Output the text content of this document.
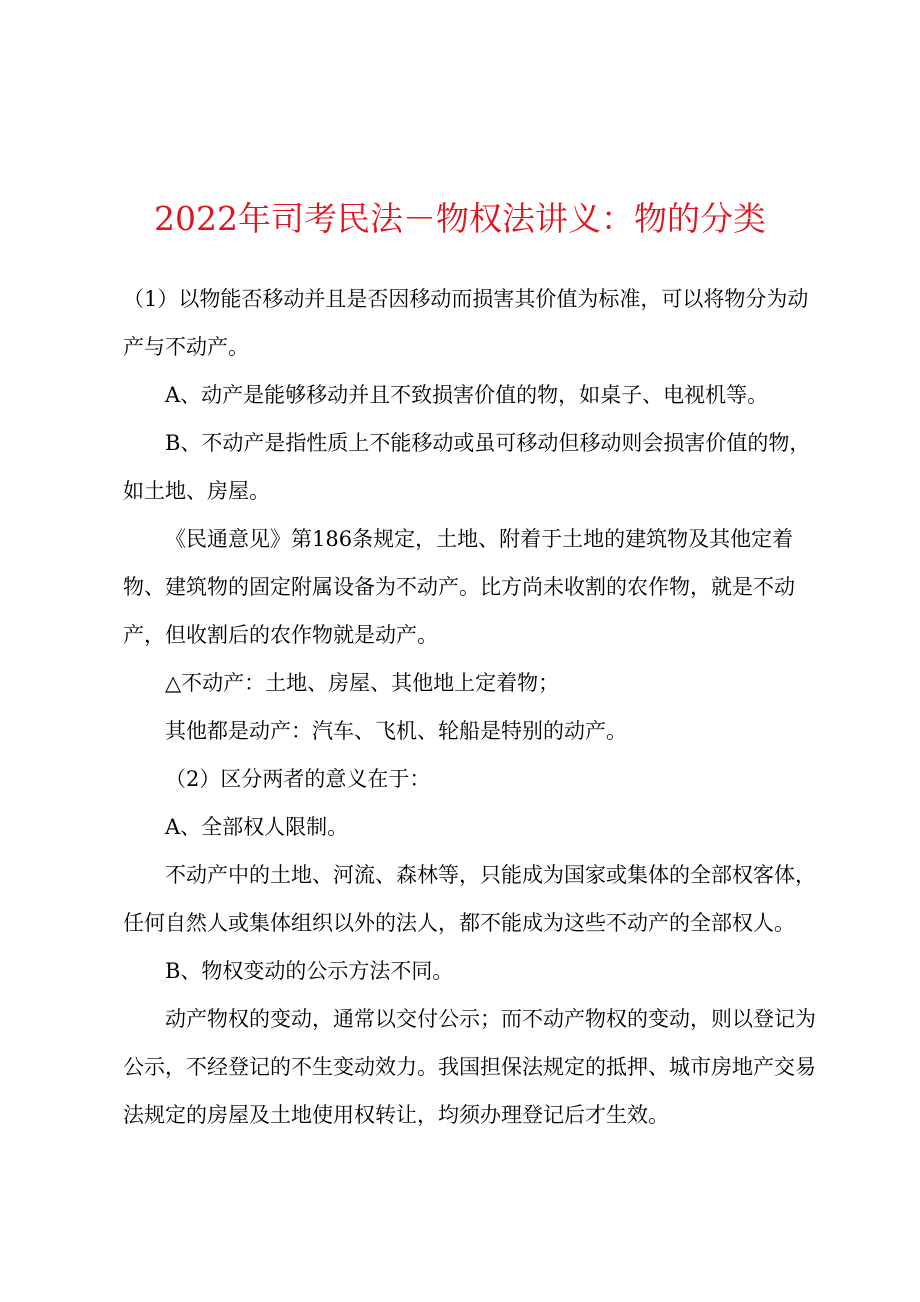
2022年司考民法－物权法讲义：物的分类

（1）以物能否移动并且是否因移动而损害其价值为标准，可以将物分为动产与不动产。

A、动产是能够移动并且不致损害价值的物，如桌子、电视机等。

B、不动产是指性质上不能移动或虽可移动但移动则会损害价值的物，如土地、房屋。

《民通意见》第186条规定，土地、附着于土地的建筑物及其他定着物、建筑物的固定附属设备为不动产。比方尚未收割的农作物，就是不动产，但收割后的农作物就是动产。

△不动产：土地、房屋、其他地上定着物；

其他都是动产：汽车、飞机、轮船是特别的动产。

（2）区分两者的意义在于：

A、全部权人限制。

不动产中的土地、河流、森林等，只能成为国家或集体的全部权客体，任何自然人或集体组织以外的法人，都不能成为这些不动产的全部权人。

B、物权变动的公示方法不同。

动产物权的变动，通常以交付公示；而不动产物权的变动，则以登记为公示，不经登记的不生变动效力。我国担保法规定的抵押、城市房地产交易法规定的房屋及土地使用权转让，均须办理登记后才生效。
